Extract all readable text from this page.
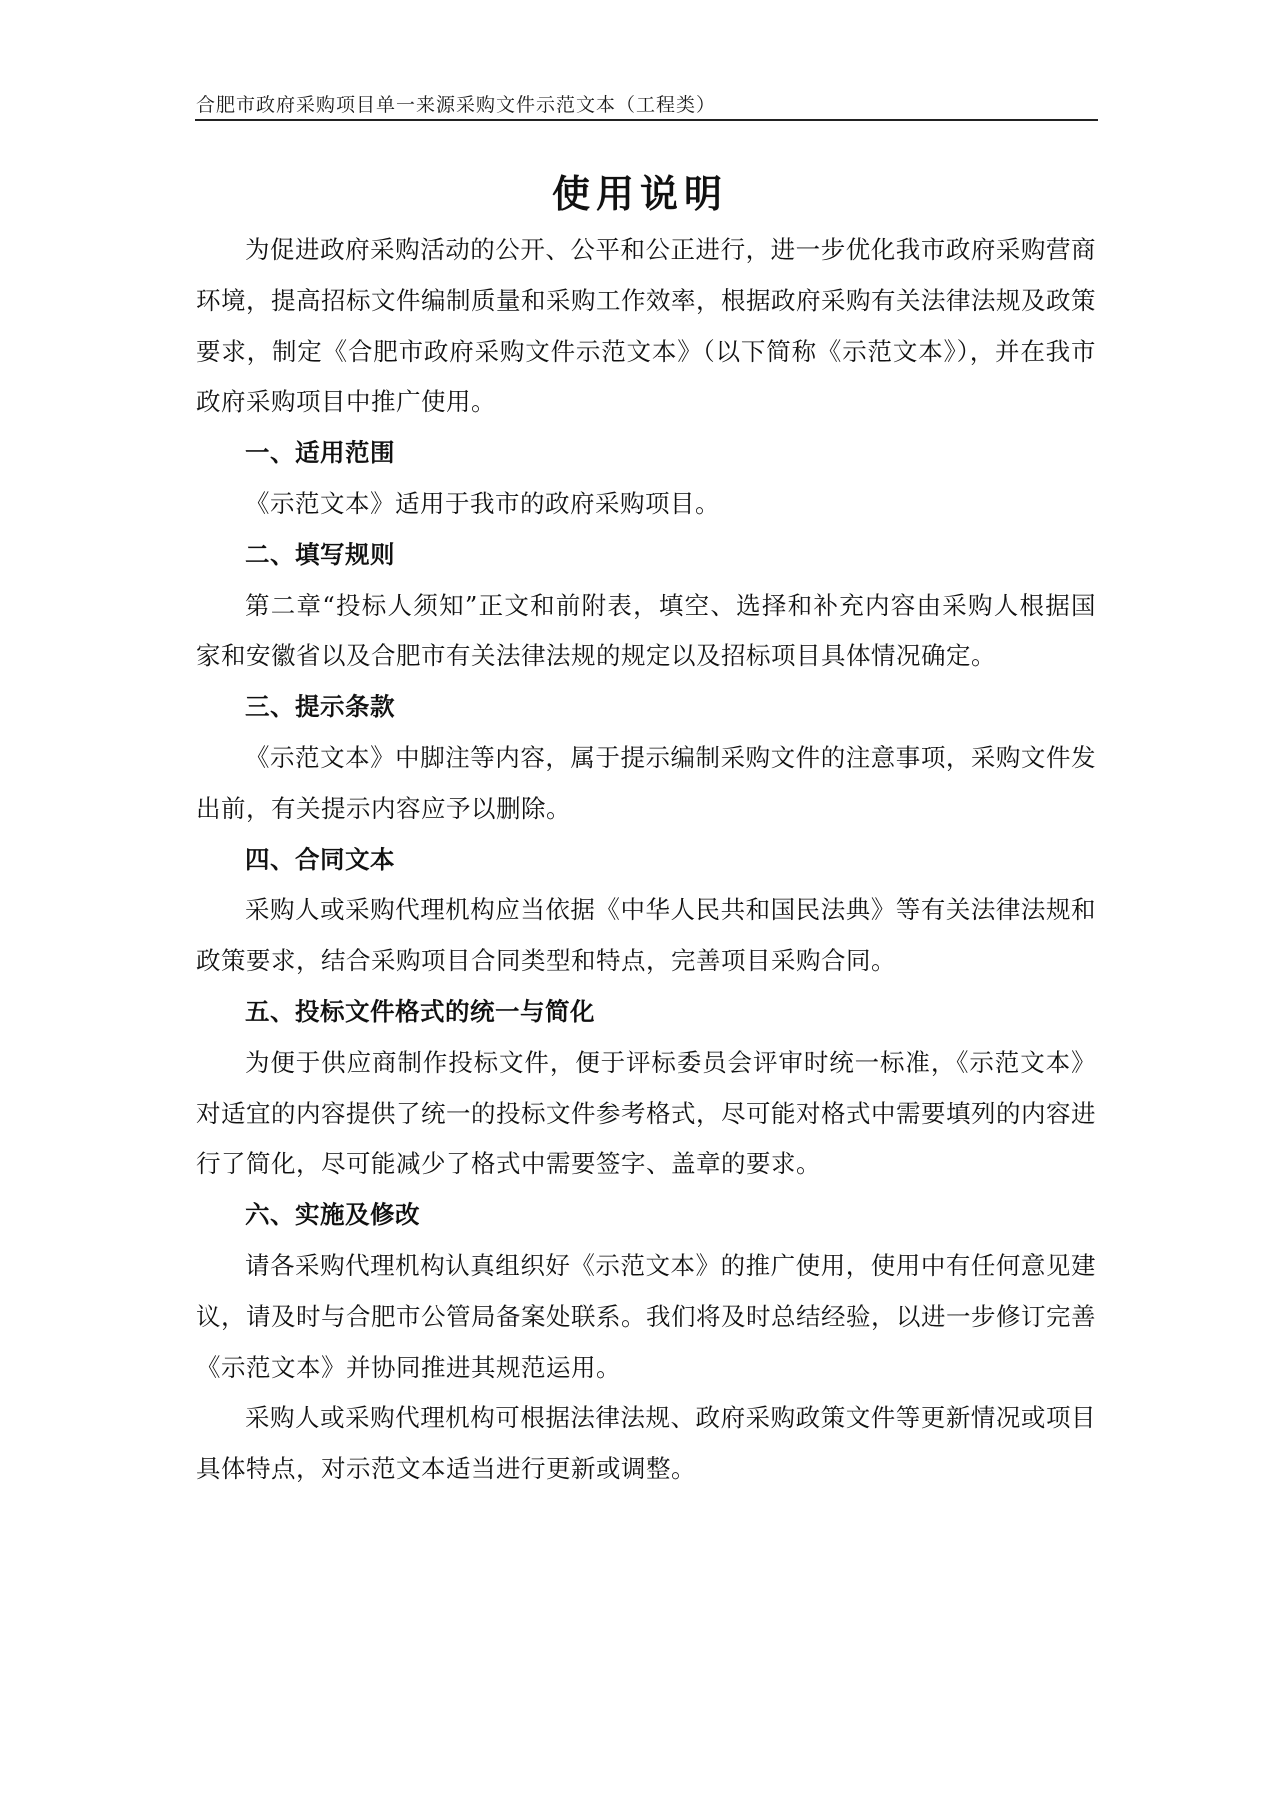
合肥市政府采购项目单一来源采购文件示范文本（工程类）
使用说明

为促进政府采购活动的公开、公平和公正进行，进一步优化我市政府采购营商环境，提高招标文件编制质量和采购工作效率，根据政府采购有关法律法规及政策要求，制定《合肥市政府采购文件示范文本》（以下简称《示范文本》），并在我市政府采购项目中推广使用。

一、适用范围

《示范文本》适用于我市的政府采购项目。

二、填写规则

第二章“投标人须知”正文和前附表，填空、选择和补充内容由采购人根据国家和安徽省以及合肥市有关法律法规的规定以及招标项目具体情况确定。

三、提示条款

《示范文本》中脚注等内容，属于提示编制采购文件的注意事项，采购文件发出前，有关提示内容应予以删除。

四、合同文本

采购人或采购代理机构应当依据《中华人民共和国民法典》等有关法律法规和政策要求，结合采购项目合同类型和特点，完善项目采购合同。

五、投标文件格式的统一与简化

为便于供应商制作投标文件，便于评标委员会评审时统一标准，《示范文本》对适宜的内容提供了统一的投标文件参考格式，尽可能对格式中需要填列的内容进行了简化，尽可能减少了格式中需要签字、盖章的要求。

六、实施及修改

请各采购代理机构认真组织好《示范文本》的推广使用，使用中有任何意见建议，请及时与合肥市公管局备案处联系。我们将及时总结经验，以进一步修订完善《示范文本》并协同推进其规范运用。

采购人或采购代理机构可根据法律法规、政府采购政策文件等更新情况或项目具体特点，对示范文本适当进行更新或调整。
